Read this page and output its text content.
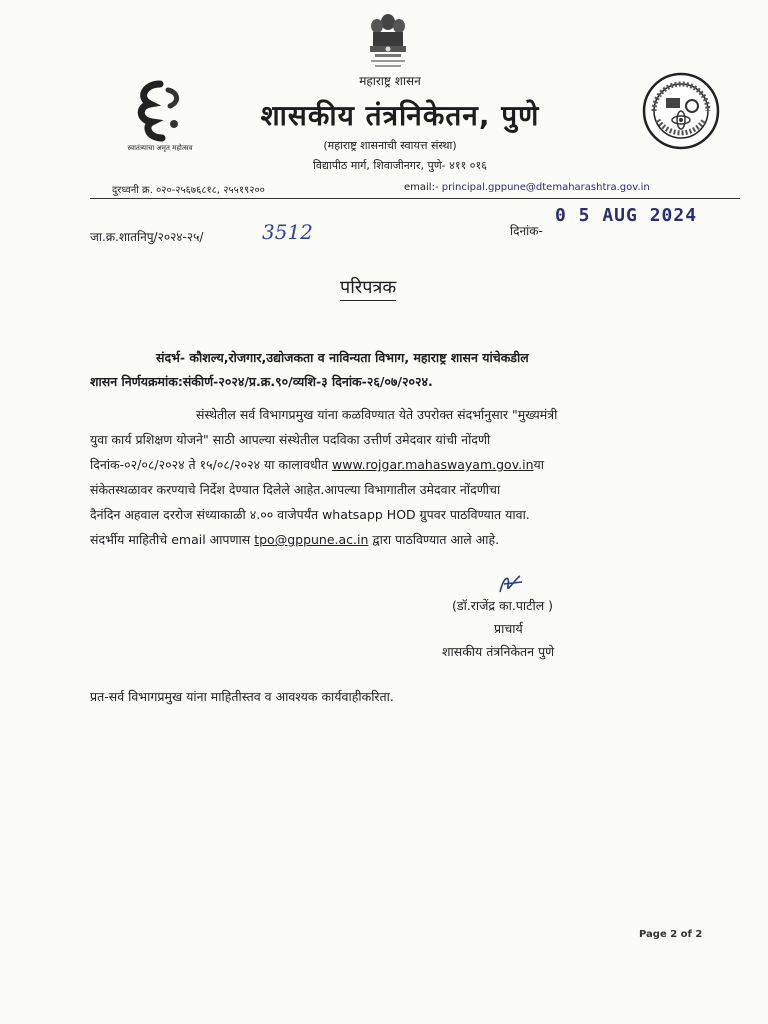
महाराष्ट्र शासन
शासकीय तंत्रनिकेतन, पुणे
(महाराष्ट्र शासनाची स्वायत्त संस्था)
विद्यापीठ मार्ग, शिवाजीनगर, पुणे- ४११ ०१६
स्वातंत्र्याचा अमृत महोत्सव
दुरध्वनी क्र. ०२०-२५६७६८१८, २५५१९२००	email:- principal.gppune@dtemaharashtra.gov.in
जा.क्र.शातनिपु/२०२४-२५/	3512	दिनांक-
0 5 AUG 2024
परिपत्रक
संदर्भ- कौशल्य,रोजगार,उद्योजकता व नाविन्यता विभाग, महाराष्ट्र शासन यांचेकडील
शासन निर्णयक्रमांक:संकीर्ण-२०२४/प्र.क्र.९०/व्यशि-३ दिनांक-२६/०७/२०२४.
संस्थेतील सर्व विभागप्रमुख यांना कळविण्यात येते उपरोक्त संदर्भानुसार "मुख्यमंत्री
युवा कार्य प्रशिक्षण योजने" साठी आपल्या संस्थेतील पदविका उत्तीर्ण उमेदवार यांची नोंदणी
दिनांक-०२/०८/२०२४ ते १५/०८/२०२४ या कालावधीत www.rojgar.mahaswayam.gov.inया
संकेतस्थळावर करण्याचे निर्देश देण्यात दिलेले आहेत.आपल्या विभागातील उमेदवार नोंदणीचा
दैनंदिन अहवाल दररोज संध्याकाळी ४.०० वाजेपर्यंत whatsapp HOD ग्रुपवर पाठविण्यात यावा.
संदर्भीय माहितीचे email आपणास tpo@gppune.ac.in द्वारा पाठविण्यात आले आहे.
(डॉ.राजेंद्र का.पाटील )
प्राचार्य
शासकीय तंत्रनिकेतन पुणे
प्रत-सर्व विभागप्रमुख यांना माहितीस्तव व आवश्यक कार्यवाहीकरिता.
Page 2 of 2
